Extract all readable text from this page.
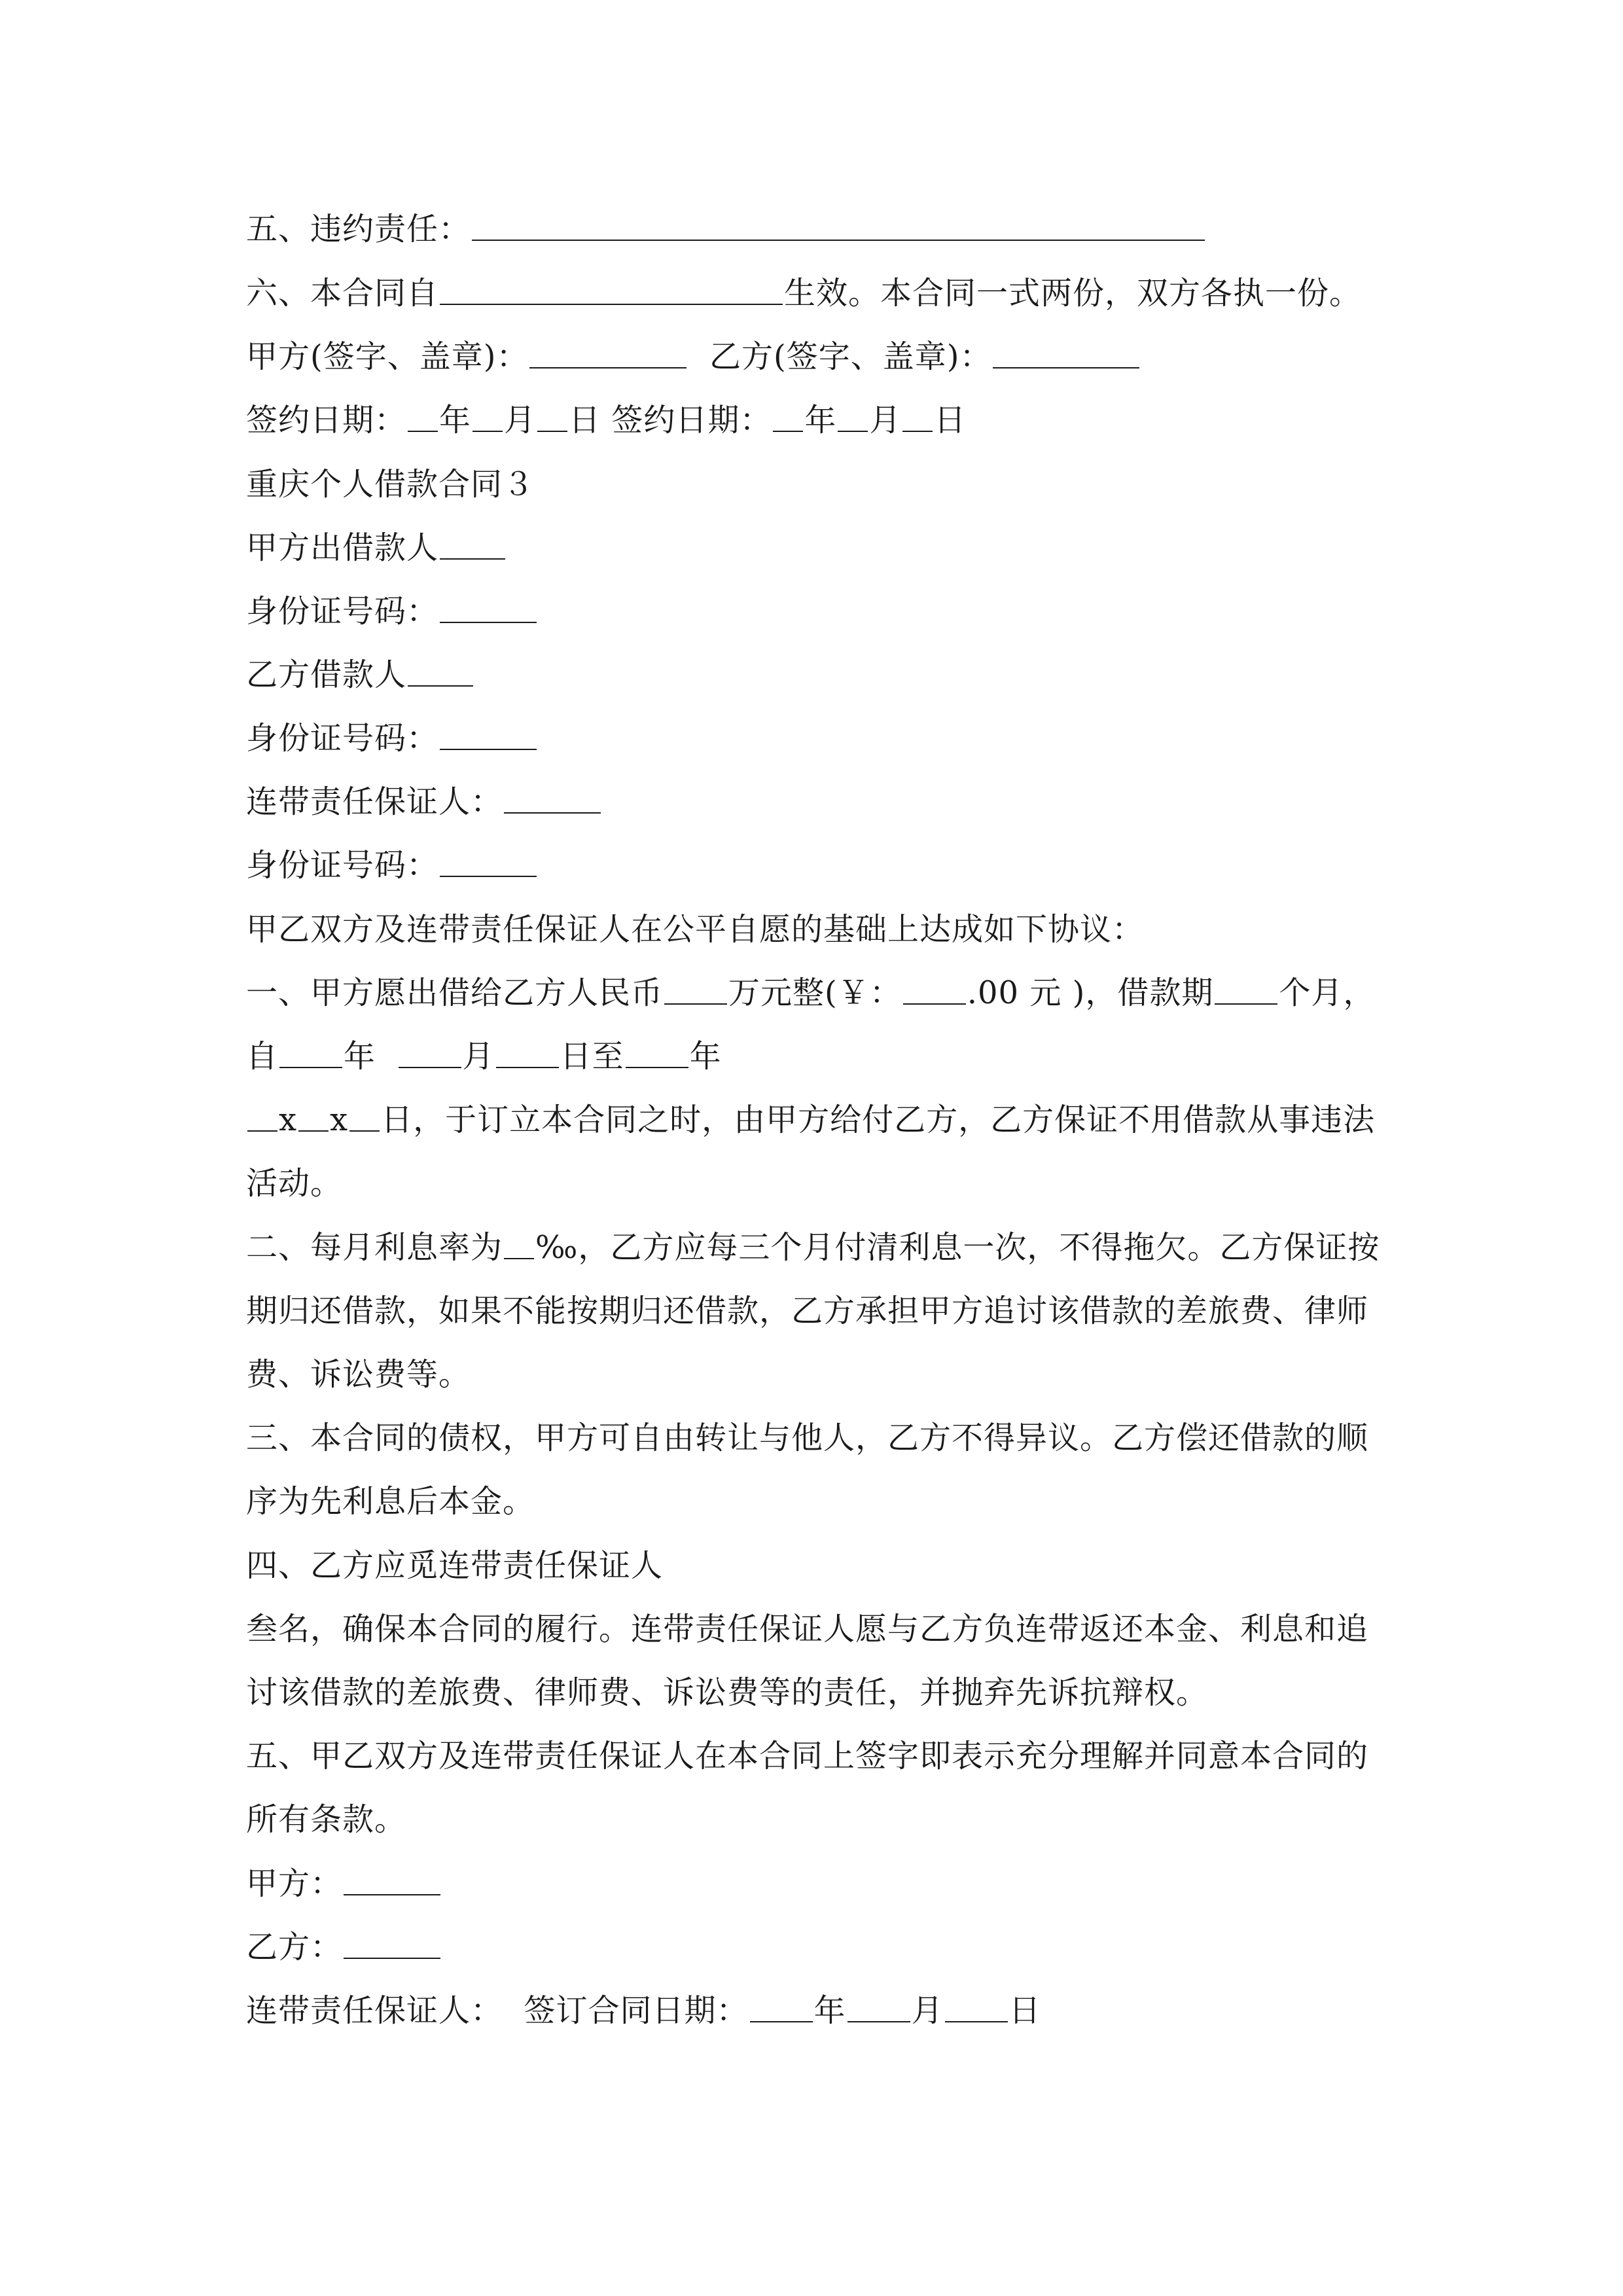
五、违约责任：
六、本合同自	生效。本合同一式两份，双方各执一份。
甲方(签字、盖章)：	乙方(签字、盖章)：
签约日期： 年 月 日 签约日期： 年 月 日
重庆个人借款合同３
甲方出借款人
身份证号码：
乙方借款人
身份证号码：
连带责任保证人：
身份证号码：
甲乙双方及连带责任保证人在公平自愿的基础上达成如下协议：
一、甲方愿出借给乙方人民币 万元整(￥： .00 元 )，借款期 个月，
自 年	月 日至 年
x x 日，于订立本合同之时，由甲方给付乙方，乙方保证不用借款从事违法
活动。
二、每月利息率为 ‰，乙方应每三个月付清利息一次，不得拖欠。乙方保证按
期归还借款，如果不能按期归还借款，乙方承担甲方追讨该借款的差旅费、律师
费、诉讼费等。
三、本合同的债权，甲方可自由转让与他人，乙方不得异议。乙方偿还借款的顺
序为先利息后本金。
四、乙方应觅连带责任保证人
叁名，确保本合同的履行。连带责任保证人愿与乙方负连带返还本金、利息和追
讨该借款的差旅费、律师费、诉讼费等的责任，并抛弃先诉抗辩权。
五、甲乙双方及连带责任保证人在本合同上签字即表示充分理解并同意本合同的
所有条款。
甲方：
乙方：
连带责任保证人： 签订合同日期： 年 月 日
